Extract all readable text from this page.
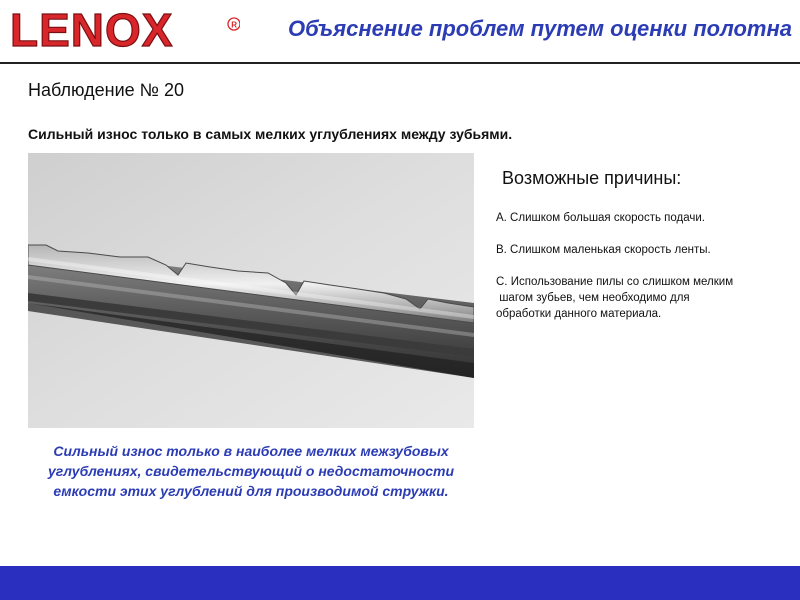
LENOX	R Объяснение проблем путем оценки полотна
Наблюдение № 20
Сильный износ только в самых мелких углублениях между зубьями.
Сильный износ только в наиболее мелких межзубовых углублениях, свидетельствующий о недостаточности емкости этих углублений для производимой стружки.
Возможные причины:
A. Слишком большая скорость подачи.
B. Слишком маленькая скорость ленты.
C. Использование пилы со слишком мелким
шагом зубьев, чем необходимо для
обработки данного материала.
